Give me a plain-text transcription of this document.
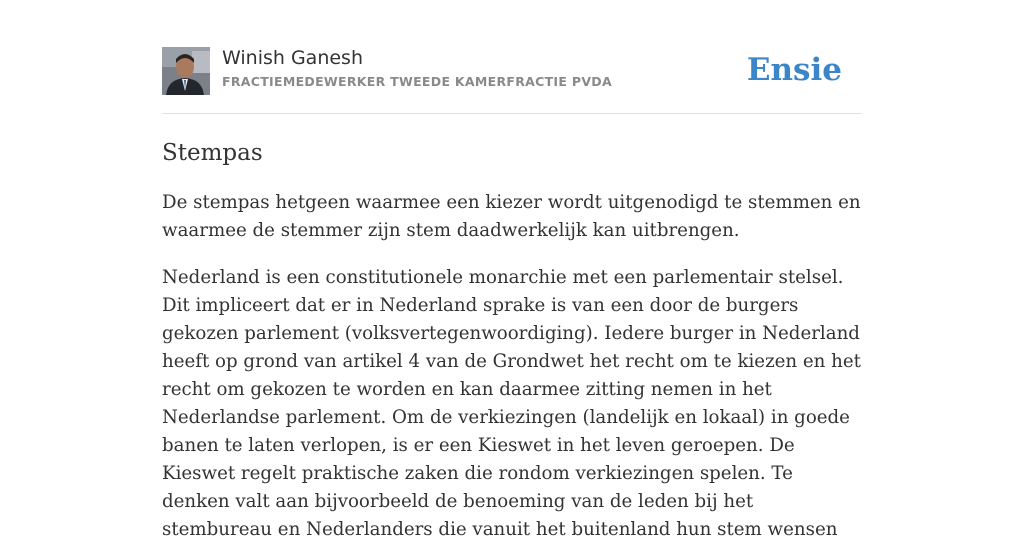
Winish Ganesh
FRACTIEMEDEWERKER TWEEDE KAMERFRACTIE PVDA	Ensie
Stempas

De stempas hetgeen waarmee een kiezer wordt uitgenodigd te stemmen en waarmee de stemmer zijn stem daadwerkelijk kan uitbrengen.

Nederland is een constitutionele monarchie met een parlementair stelsel. Dit impliceert dat er in Nederland sprake is van een door de burgers gekozen parlement (volksvertegenwoordiging). Iedere burger in Nederland heeft op grond van artikel 4 van de Grondwet het recht om te kiezen en het recht om gekozen te worden en kan daarmee zitting nemen in het Nederlandse parlement. Om de verkiezingen (landelijk en lokaal) in goede banen te laten verlopen, is er een Kieswet in het leven geroepen. De Kieswet regelt praktische zaken die rondom verkiezingen spelen. Te denken valt aan bijvoorbeeld de benoeming van de leden bij het stembureau en Nederlanders die vanuit het buitenland hun stem wensen
